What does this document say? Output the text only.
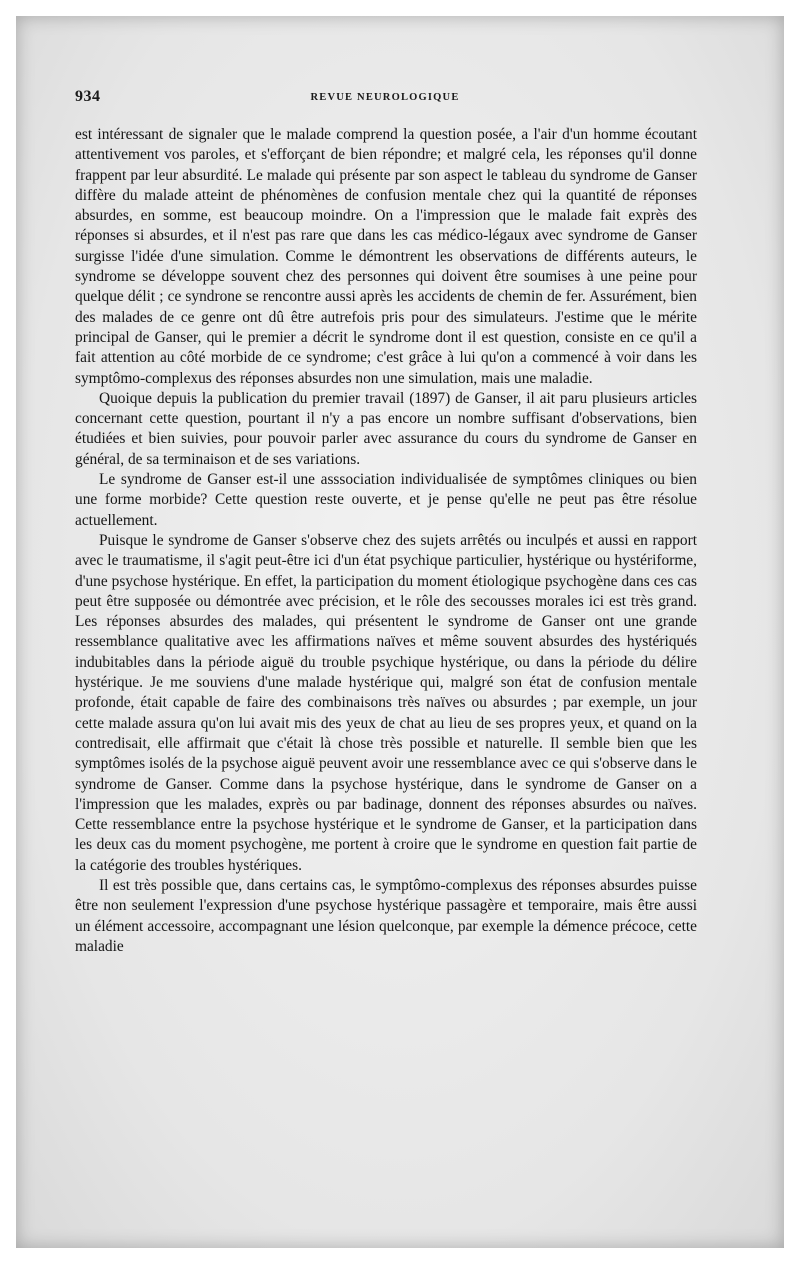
934	REVUE NEUROLOGIQUE

est intéressant de signaler que le malade comprend la question posée, a l'air d'un homme écoutant attentivement vos paroles, et s'efforçant de bien répondre; et malgré cela, les réponses qu'il donne frappent par leur absurdité. Le malade qui présente par son aspect le tableau du syndrome de Ganser diffère du malade atteint de phénomènes de confusion mentale chez qui la quantité de réponses absurdes, en somme, est beaucoup moindre. On a l'impression que le malade fait exprès des réponses si absurdes, et il n'est pas rare que dans les cas médico-légaux avec syndrome de Ganser surgisse l'idée d'une simulation. Comme le démontrent les observations de différents auteurs, le syndrome se développe souvent chez des personnes qui doivent être soumises à une peine pour quelque délit ; ce syndrone se rencontre aussi après les accidents de chemin de fer. Assurément, bien des malades de ce genre ont dû être autrefois pris pour des simulateurs. J'estime que le mérite principal de Ganser, qui le premier a décrit le syndrome dont il est question, consiste en ce qu'il a fait attention au côté morbide de ce syndrome; c'est grâce à lui qu'on a commencé à voir dans les symptômo-complexus des réponses absurdes non une simulation, mais une maladie.

Quoique depuis la publication du premier travail (1897) de Ganser, il ait paru plusieurs articles concernant cette question, pourtant il n'y a pas encore un nombre suffisant d'observations, bien étudiées et bien suivies, pour pouvoir parler avec assurance du cours du syndrome de Ganser en général, de sa terminaison et de ses variations.

Le syndrome de Ganser est-il une asssociation individualisée de symptômes cliniques ou bien une forme morbide? Cette question reste ouverte, et je pense qu'elle ne peut pas être résolue actuellement.

Puisque le syndrome de Ganser s'observe chez des sujets arrêtés ou inculpés et aussi en rapport avec le traumatisme, il s'agit peut-être ici d'un état psychique particulier, hystérique ou hystériforme, d'une psychose hystérique. En effet, la participation du moment étiologique psychogène dans ces cas peut être supposée ou démontrée avec précision, et le rôle des secousses morales ici est très grand. Les réponses absurdes des malades, qui présentent le syndrome de Ganser ont une grande ressemblance qualitative avec les affirmations naïves et même souvent absurdes des hystériqués indubitables dans la période aiguë du trouble psychique hystérique, ou dans la période du délire hystérique. Je me souviens d'une malade hystérique qui, malgré son état de confusion mentale profonde, était capable de faire des combinaisons très naïves ou absurdes ; par exemple, un jour cette malade assura qu'on lui avait mis des yeux de chat au lieu de ses propres yeux, et quand on la contredisait, elle affirmait que c'était là chose très possible et naturelle. Il semble bien que les symptômes isolés de la psychose aiguë peuvent avoir une ressemblance avec ce qui s'observe dans le syndrome de Ganser. Comme dans la psychose hystérique, dans le syndrome de Ganser on a l'impression que les malades, exprès ou par badinage, donnent des réponses absurdes ou naïves. Cette ressemblance entre la psychose hystérique et le syndrome de Ganser, et la participation dans les deux cas du moment psychogène, me portent à croire que le syndrome en question fait partie de la catégorie des troubles hystériques.

Il est très possible que, dans certains cas, le symptômo-complexus des réponses absurdes puisse être non seulement l'expression d'une psychose hystérique passagère et temporaire, mais être aussi un élément accessoire, accompagnant une lésion quelconque, par exemple la démence précoce, cette maladie
